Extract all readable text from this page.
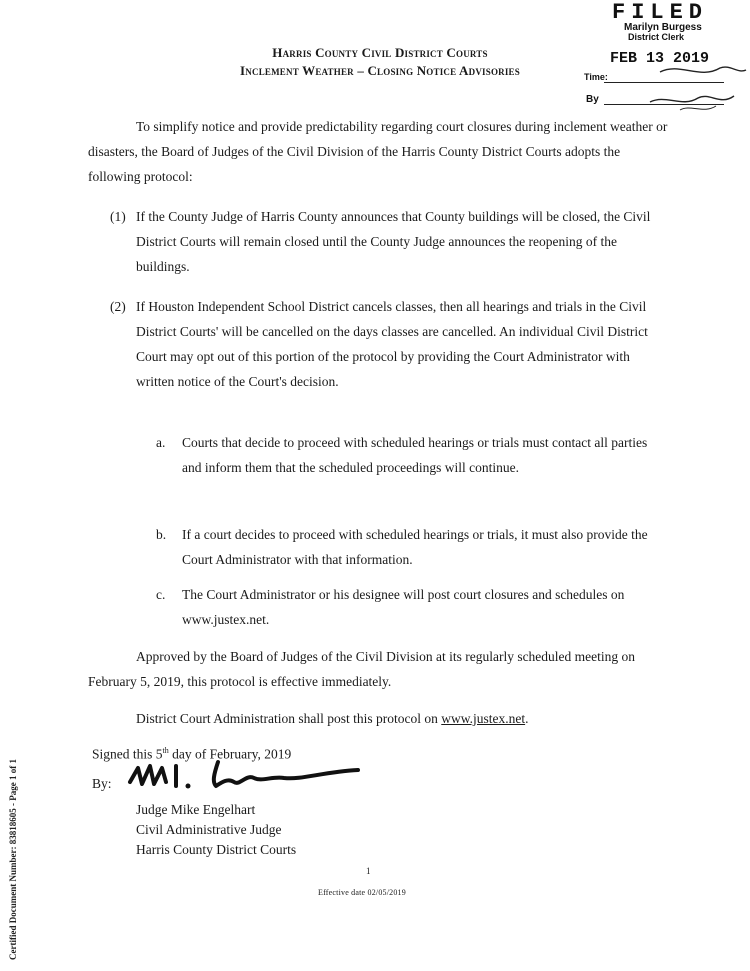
Harris County Civil District Courts
Inclement Weather – Closing Notice Advisories
FILED
Marilyn Burgess
District Clerk
FEB 13 2019
Time:
By
To simplify notice and provide predictability regarding court closures during inclement weather or disasters, the Board of Judges of the Civil Division of the Harris County District Courts adopts the following protocol:
(1) If the County Judge of Harris County announces that County buildings will be closed, the Civil District Courts will remain closed until the County Judge announces the reopening of the buildings.
(2) If Houston Independent School District cancels classes, then all hearings and trials in the Civil District Courts' will be cancelled on the days classes are cancelled. An individual Civil District Court may opt out of this portion of the protocol by providing the Court Administrator with written notice of the Court's decision.
a. Courts that decide to proceed with scheduled hearings or trials must contact all parties and inform them that the scheduled proceedings will continue.
b. If a court decides to proceed with scheduled hearings or trials, it must also provide the Court Administrator with that information.
c. The Court Administrator or his designee will post court closures and schedules on www.justex.net.
Approved by the Board of Judges of the Civil Division at its regularly scheduled meeting on February 5, 2019, this protocol is effective immediately.
District Court Administration shall post this protocol on www.justex.net.
Signed this 5th day of February, 2019
By:
Judge Mike Engelhart
Civil Administrative Judge
Harris County District Courts
1
Effective date 02/05/2019
Certified Document Number: 83818605 - Page 1 of 1
